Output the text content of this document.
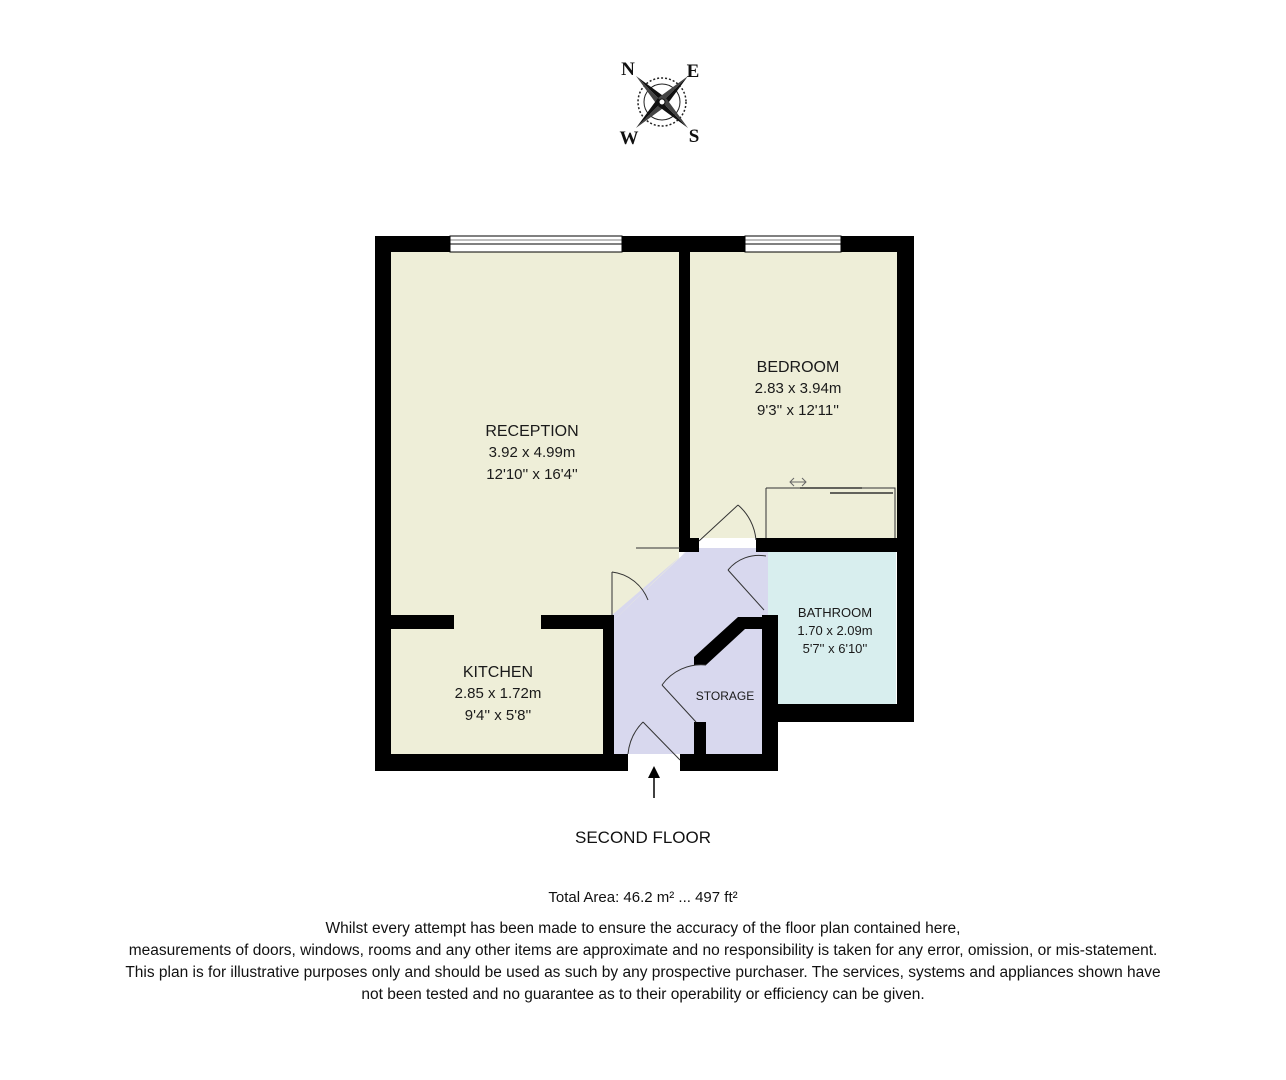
N	E
W	S
RECEPTION
3.92 x 4.99m
12'10'' x 16'4''
BEDROOM
2.83 x 3.94m
9'3'' x 12'11''
KITCHEN
2.85 x 1.72m
9'4'' x 5'8''
BATHROOM
1.70 x 2.09m
5'7'' x 6'10''
STORAGE
SECOND FLOOR
Total Area: 46.2 m² ... 497 ft²
Whilst every attempt has been made to ensure the accuracy of the floor plan contained here,
measurements of doors, windows, rooms and any other items are approximate and no responsibility is taken for any error, omission, or mis-statement.
This plan is for illustrative purposes only and should be used as such by any prospective purchaser. The services, systems and appliances shown have
not been tested and no guarantee as to their operability or efficiency can be given.
